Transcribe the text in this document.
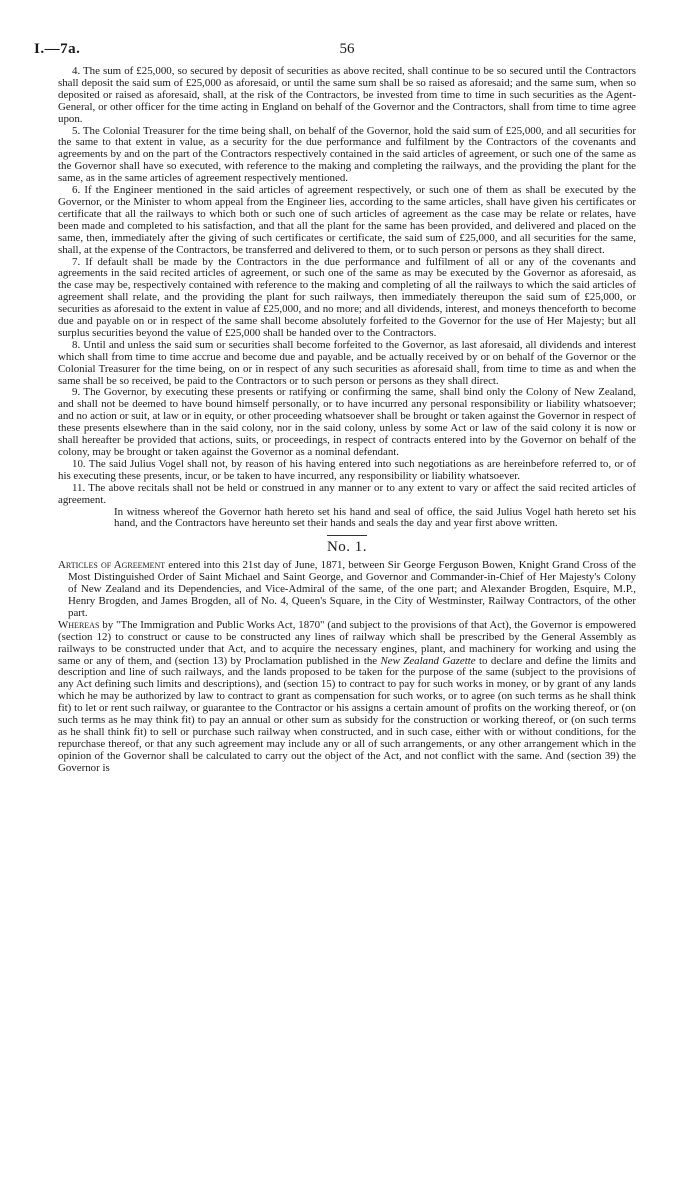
I.—7a.	56

4. The sum of £25,000, so secured by deposit of securities as above recited, shall continue to be so secured until the Contractors shall deposit the said sum of £25,000 as aforesaid, or until the same sum shall be so raised as aforesaid; and the same sum, when so deposited or raised as aforesaid, shall, at the risk of the Contractors, be invested from time to time in such securities as the Agent-General, or other officer for the time acting in England on behalf of the Governor and the Contractors, shall from time to time agree upon.

5. The Colonial Treasurer for the time being shall, on behalf of the Governor, hold the said sum of £25,000, and all securities for the same to that extent in value, as a security for the due performance and fulfilment by the Contractors of the covenants and agreements by and on the part of the Contractors respectively contained in the said articles of agreement, or such one of the same as the Governor shall have so executed, with reference to the making and completing the railways, and the providing the plant for the same, as in the same articles of agreement respectively mentioned.

6. If the Engineer mentioned in the said articles of agreement respectively, or such one of them as shall be executed by the Governor, or the Minister to whom appeal from the Engineer lies, according to the same articles, shall have given his certificates or certificate that all the railways to which both or such one of such articles of agreement as the case may be relate or relates, have been made and completed to his satisfaction, and that all the plant for the same has been provided, and delivered and placed on the same, then, immediately after the giving of such certificates or certificate, the said sum of £25,000, and all securities for the same, shall, at the expense of the Contractors, be transferred and delivered to them, or to such person or persons as they shall direct.

7. If default shall be made by the Contractors in the due performance and fulfilment of all or any of the covenants and agreements in the said recited articles of agreement, or such one of the same as may be executed by the Governor as aforesaid, as the case may be, respectively contained with reference to the making and completing of all the railways to which the said articles of agreement shall relate, and the providing the plant for such railways, then immediately thereupon the said sum of £25,000, or securities as aforesaid to the extent in value af £25,000, and no more; and all dividends, interest, and moneys thenceforth to become due and payable on or in respect of the same shall become absolutely forfeited to the Governor for the use of Her Majesty; but all surplus securities beyond the value of £25,000 shall be handed over to the Contractors.

8. Until and unless the said sum or securities shall become forfeited to the Governor, as last aforesaid, all dividends and interest which shall from time to time accrue and become due and payable, and be actually received by or on behalf of the Governor or the Colonial Treasurer for the time being, on or in respect of any such securities as aforesaid shall, from time to time as and when the same shall be so received, be paid to the Contractors or to such person or persons as they shall direct.

9. The Governor, by executing these presents or ratifying or confirming the same, shall bind only the Colony of New Zealand, and shall not be deemed to have bound himself personally, or to have incurred any personal responsibility or liability whatsoever; and no action or suit, at law or in equity, or other proceeding whatsoever shall be brought or taken against the Governor in respect of these presents elsewhere than in the said colony, nor in the said colony, unless by some Act or law of the said colony it is now or shall hereafter be provided that actions, suits, or proceedings, in respect of contracts entered into by the Governor on behalf of the colony, may be brought or taken against the Governor as a nominal defendant.

10. The said Julius Vogel shall not, by reason of his having entered into such negotiations as are hereinbefore referred to, or of his executing these presents, incur, or be taken to have incurred, any responsibility or liability whatsoever.

11. The above recitals shall not be held or construed in any manner or to any extent to vary or affect the said recited articles of agreement.

In witness whereof the Governor hath hereto set his hand and seal of office, the said Julius Vogel hath hereto set his hand, and the Contractors have hereunto set their hands and seals the day and year first above written.

No. 1.

Articles of Agreement entered into this 21st day of June, 1871, between Sir George Ferguson Bowen, Knight Grand Cross of the Most Distinguished Order of Saint Michael and Saint George, and Governor and Commander-in-Chief of Her Majesty's Colony of New Zealand and its Dependencies, and Vice-Admiral of the same, of the one part; and Alexander Brogden, Esquire, M.P., Henry Brogden, and James Brogden, all of No. 4, Queen's Square, in the City of Westminster, Railway Contractors, of the other part.

Whereas by "The Immigration and Public Works Act, 1870" (and subject to the provisions of that Act), the Governor is empowered (section 12) to construct or cause to be constructed any lines of railway which shall be prescribed by the General Assembly as railways to be constructed under that Act, and to acquire the necessary engines, plant, and machinery for working and using the same or any of them, and (section 13) by Proclamation published in the New Zealand Gazette to declare and define the limits and description and line of such railways, and the lands proposed to be taken for the purpose of the same (subject to the provisions of any Act defining such limits and descriptions), and (section 15) to contract to pay for such works in money, or by grant of any lands which he may be authorized by law to contract to grant as compensation for such works, or to agree (on such terms as he shall think fit) to let or rent such railway, or guarantee to the Contractor or his assigns a certain amount of profits on the working thereof, or (on such terms as he may think fit) to pay an annual or other sum as subsidy for the construction or working thereof, or (on such terms as he shall think fit) to sell or purchase such railway when constructed, and in such case, either with or without conditions, for the repurchase thereof, or that any such agreement may include any or all of such arrangements, or any other arrangement which in the opinion of the Governor shall be calculated to carry out the object of the Act, and not conflict with the same. And (section 39) the Governor is
